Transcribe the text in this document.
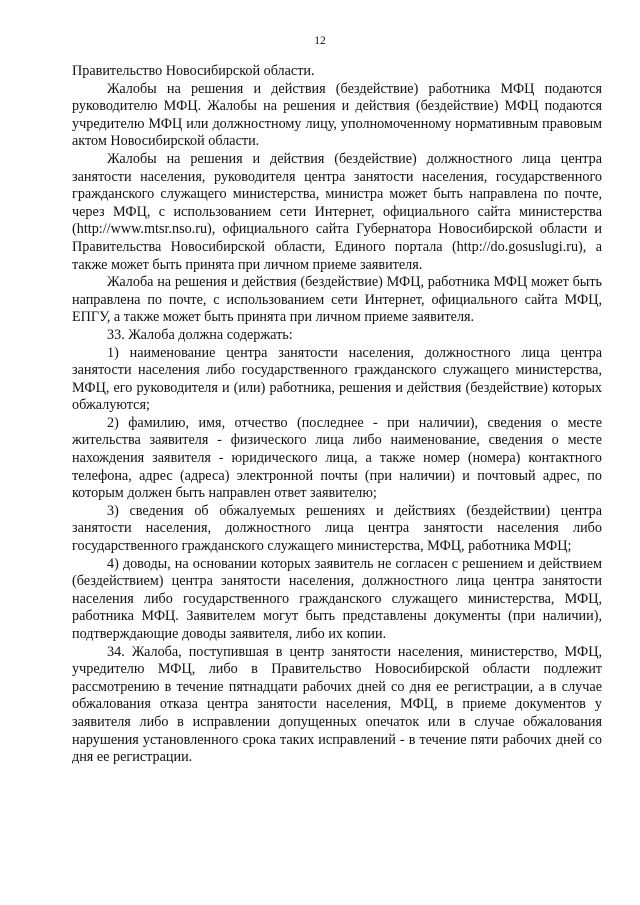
12

Правительство Новосибирской области.

Жалобы на решения и действия (бездействие) работника МФЦ подаются руководителю МФЦ. Жалобы на решения и действия (бездействие) МФЦ подаются учредителю МФЦ или должностному лицу, уполномоченному нормативным правовым актом Новосибирской области.

Жалобы на решения и действия (бездействие) должностного лица центра занятости населения, руководителя центра занятости населения, государственного гражданского служащего министерства, министра может быть направлена по почте, через МФЦ, с использованием сети Интернет, официального сайта министерства (http://www.mtsr.nso.ru), официального сайта Губернатора Новосибирской области и Правительства Новосибирской области, Единого портала (http://do.gosuslugi.ru), а также может быть принята при личном приеме заявителя.

Жалоба на решения и действия (бездействие) МФЦ, работника МФЦ может быть направлена по почте, с использованием сети Интернет, официального сайта МФЦ, ЕПГУ, а также может быть принята при личном приеме заявителя.

33. Жалоба должна содержать:

1) наименование центра занятости населения, должностного лица центра занятости населения либо государственного гражданского служащего министерства, МФЦ, его руководителя и (или) работника, решения и действия (бездействие) которых обжалуются;

2) фамилию, имя, отчество (последнее - при наличии), сведения о месте жительства заявителя - физического лица либо наименование, сведения о месте нахождения заявителя - юридического лица, а также номер (номера) контактного телефона, адрес (адреса) электронной почты (при наличии) и почтовый адрес, по которым должен быть направлен ответ заявителю;

3) сведения об обжалуемых решениях и действиях (бездействии) центра занятости населения, должностного лица центра занятости населения либо государственного гражданского служащего министерства, МФЦ, работника МФЦ;

4) доводы, на основании которых заявитель не согласен с решением и действием (бездействием) центра занятости населения, должностного лица центра занятости населения либо государственного гражданского служащего министерства, МФЦ, работника МФЦ. Заявителем могут быть представлены документы (при наличии), подтверждающие доводы заявителя, либо их копии.

34. Жалоба, поступившая в центр занятости населения, министерство, МФЦ, учредителю МФЦ, либо в Правительство Новосибирской области подлежит рассмотрению в течение пятнадцати рабочих дней со дня ее регистрации, а в случае обжалования отказа центра занятости населения, МФЦ, в приеме документов у заявителя либо в исправлении допущенных опечаток или в случае обжалования нарушения установленного срока таких исправлений - в течение пяти рабочих дней со дня ее регистрации.
